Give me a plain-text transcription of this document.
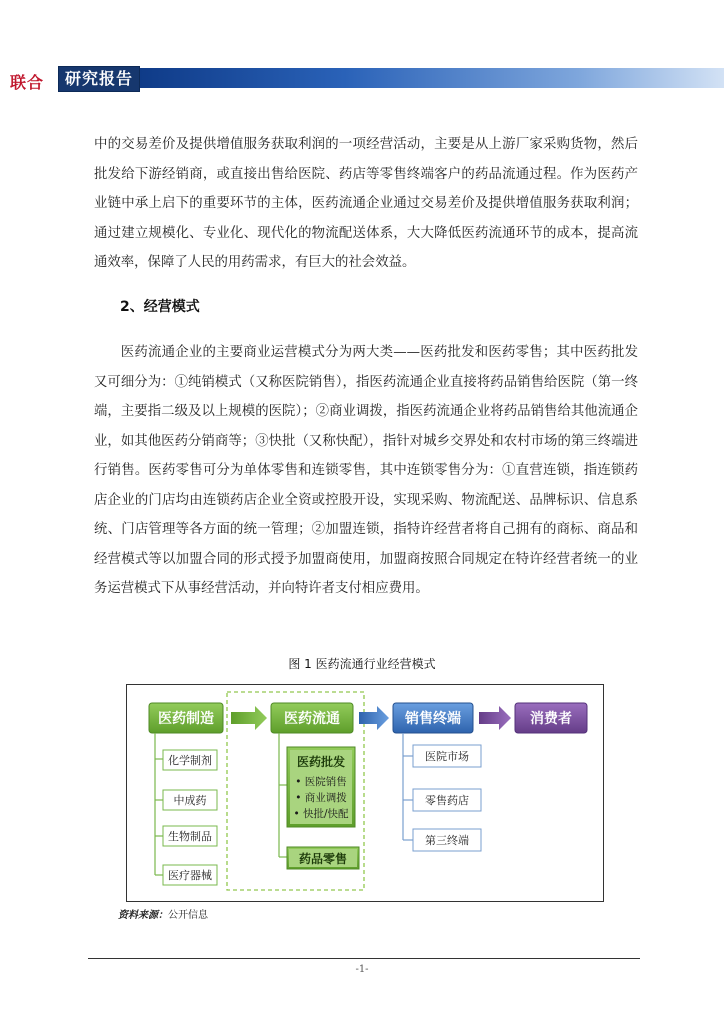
联合	研究报告

中的交易差价及提供增值服务获取利润的一项经营活动，主要是从上游厂家采购货物，然后批发给下游经销商，或直接出售给医院、药店等零售终端客户的药品流通过程。作为医药产业链中承上启下的重要环节的主体，医药流通企业通过交易差价及提供增值服务获取利润；通过建立规模化、专业化、现代化的物流配送体系，大大降低医药流通环节的成本，提高流通效率，保障了人民的用药需求，有巨大的社会效益。

2、经营模式

医药流通企业的主要商业运营模式分为两大类——医药批发和医药零售；其中医药批发又可细分为：①纯销模式（又称医院销售），指医药流通企业直接将药品销售给医院（第一终端，主要指二级及以上规模的医院）；②商业调拨，指医药流通企业将药品销售给其他流通企业，如其他医药分销商等；③快批（又称快配），指针对城乡交界处和农村市场的第三终端进行销售。医药零售可分为单体零售和连锁零售，其中连锁零售分为：①直营连锁，指连锁药店企业的门店均由连锁药店企业全资或控股开设，实现采购、物流配送、品牌标识、信息系统、门店管理等各方面的统一管理；②加盟连锁，指特许经营者将自己拥有的商标、商品和经营模式等以加盟合同的形式授予加盟商使用，加盟商按照合同规定在特许经营者统一的业务运营模式下从事经营活动，并向特许者支付相应费用。

图 1 医药流通行业经营模式

医药制造
化学制剂
中成药
生物制品
医疗器械
医药流通
医药批发
• 医院销售
• 商业调拨
• 快批/快配
药品零售
销售终端
医院市场
零售药店
第三终端
消费者
资料来源：公开信息
-1-
